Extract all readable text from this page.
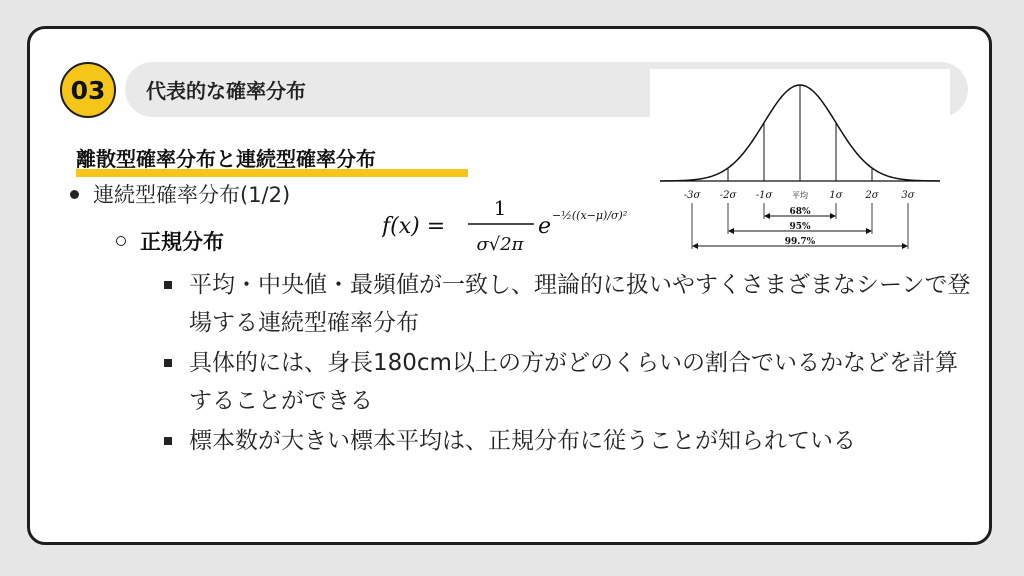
03	代表的な確率分布
離散型確率分布と連続型確率分布
連続型確率分布(1/2)
正規分布
平均・中央値・最頻値が一致し、理論的に扱いやすくさまざまなシーンで登場する連続型確率分布
具体的には、身長180cm以上の方がどのくらいの割合でいるかなどを計算することができる
標本数が大きい標本平均は、正規分布に従うことが知られている
f(x) =
1
σ√2π
e −½((x−μ)/σ)²
-3σ -2σ -1σ 平均 1σ 2σ 3σ
68%
95%
99.7%
